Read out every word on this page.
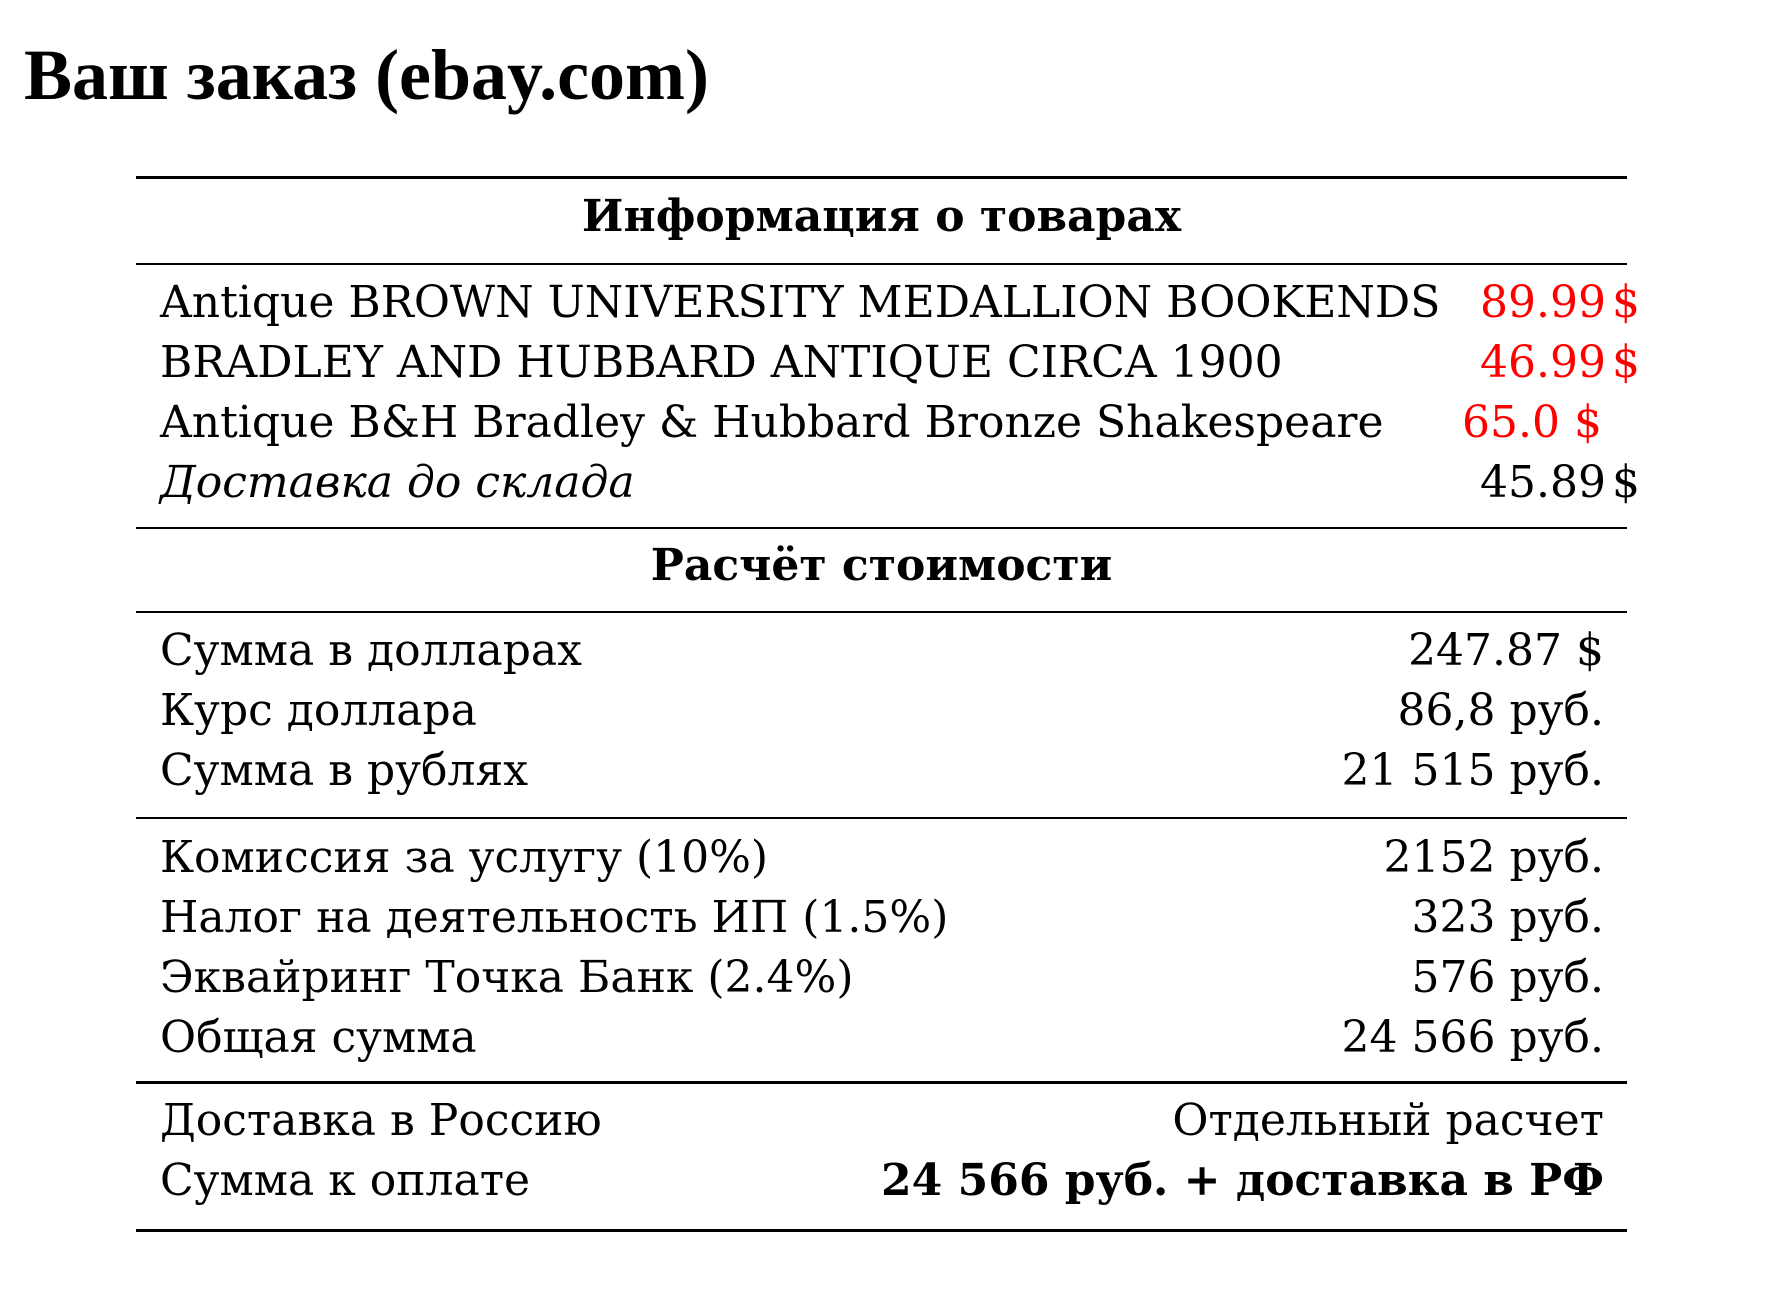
Ваш заказ (ebay.com)
Информация о товарах
Antique BROWN UNIVERSITY MEDALLION BOOKENDS 89.99 $
BRADLEY AND HUBBARD ANTIQUE CIRCA 1900	46.99 $
Antique B&H Bradley & Hubbard Bronze Shakespeare 65.0 $
Доставка до склада	45.89 $
Расчёт стоимости
Сумма в долларах	247.87 $
Курс доллара	86,8 руб.
Сумма в рублях	21 515 руб.
Комиссия за услугу (10%)	2152 руб.
Налог на деятельность ИП (1.5%)	323 руб.
Эквайринг Точка Банк (2.4%)	576 руб.
Общая сумма	24 566 руб.
Доставка в Россию	Отдельный расчет
Сумма к оплате	24 566 руб. + доставка в РФ
